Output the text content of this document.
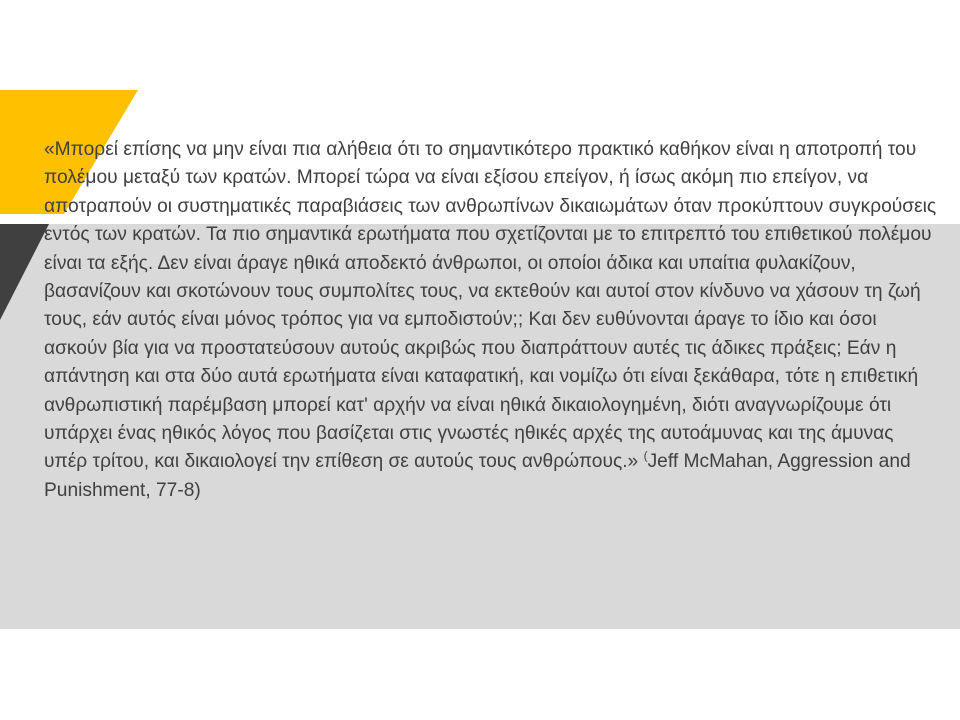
«Μπορεί επίσης να μην είναι πια αλήθεια ότι το σημαντικότερο πρακτικό καθήκον είναι η αποτροπή του πολέμου μεταξύ των κρατών. Μπορεί τώρα να είναι εξίσου επείγον, ή ίσως ακόμη πιο επείγον, να αποτραπούν οι συστηματικές παραβιάσεις των ανθρωπίνων δικαιωμάτων όταν προκύπτουν συγκρούσεις εντός των κρατών. Τα πιο σημαντικά ερωτήματα που σχετίζονται με το επιτρεπτό του επιθετικού πολέμου είναι τα εξής. Δεν είναι άραγε ηθικά αποδεκτό άνθρωποι, οι οποίοι άδικα και υπαίτια φυλακίζουν, βασανίζουν και σκοτώνουν τους συμπολίτες τους, να εκτεθούν και αυτοί στον κίνδυνο να χάσουν τη ζωή τους, εάν αυτός είναι μόνος τρόπος για να εμποδιστούν;; Και δεν ευθύνονται άραγε το ίδιο και όσοι ασκούν βία για να προστατεύσουν αυτούς ακριβώς που διαπράττουν αυτές τις άδικες πράξεις; Εάν η απάντηση και στα δύο αυτά ερωτήματα είναι καταφατική, και νομίζω ότι είναι ξεκάθαρα, τότε η επιθετική ανθρωπιστική παρέμβαση μπορεί κατ' αρχήν να είναι ηθικά δικαιολογημένη, διότι αναγνωρίζουμε ότι υπάρχει ένας ηθικός λόγος που βασίζεται στις γνωστές ηθικές αρχές της αυτοάμυνας και της άμυνας υπέρ τρίτου, και δικαιολογεί την επίθεση σε αυτούς τους ανθρώπους.» (Jeff McMahan, Aggression and Punishment, 77-8)
